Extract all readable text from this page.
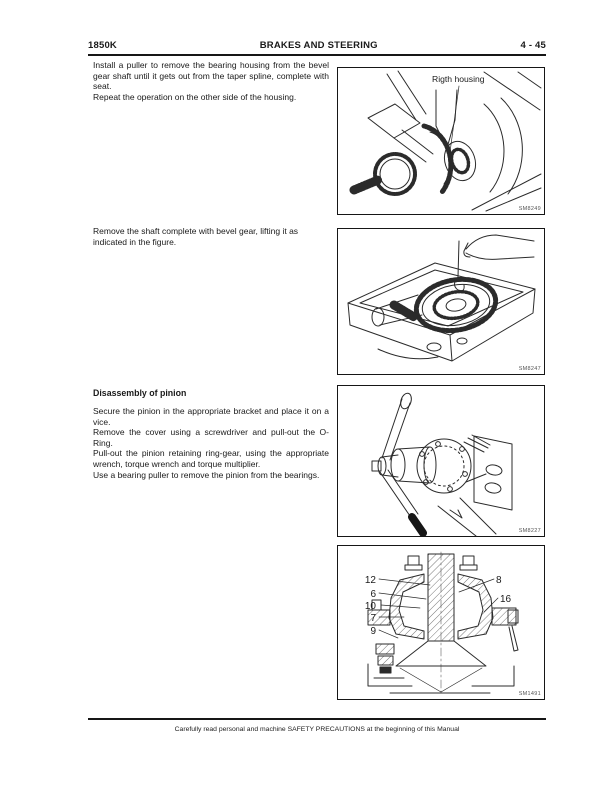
1850K	BRAKES AND STEERING	4 - 45

Install a puller to remove the bearing housing from the bevel gear shaft until it gets out from the taper spline, complete with seat.

Repeat the operation on the other side of the housing.

Remove the shaft complete with bevel gear, lifting it as indicated in the figure.

Disassembly of pinion

Secure the pinion in the appropriate bracket and place it on a vice.

Remove the cover using a screwdriver and pull-out the O-Ring.

Pull-out the pinion retaining ring-gear, using the appropriate wrench, torque wrench and torque multiplier.

Use a bearing puller to remove the pinion from the bearings.

Rigth housing
SM8249
SM8247
SM8227
12
6
10
7
9
8
16
SM1491
Carefully read personal and machine SAFETY PRECAUTIONS at the beginning of this Manual
